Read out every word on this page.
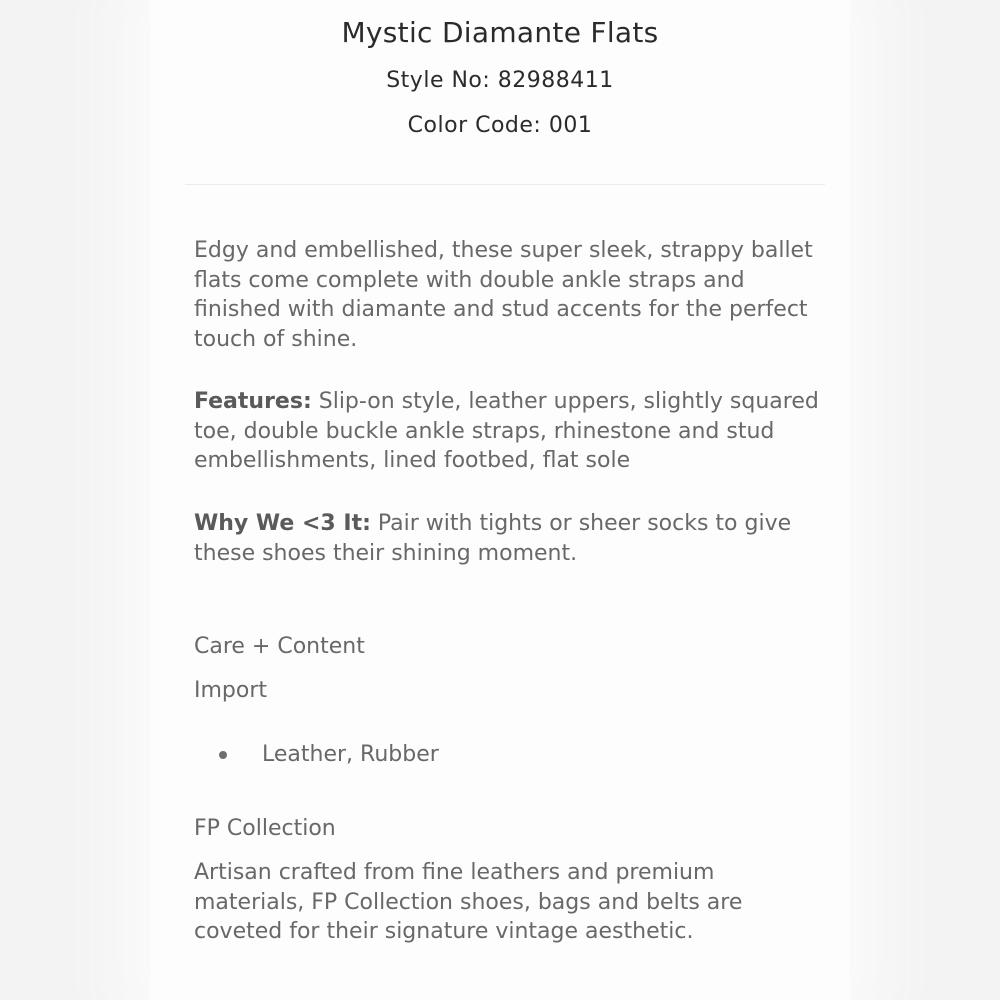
Mystic Diamante Flats
Style No: 82988411
Color Code: 001

Edgy and embellished, these super sleek, strappy ballet flats come complete with double ankle straps and finished with diamante and stud accents for the perfect touch of shine.

Features: Slip-on style, leather uppers, slightly squared toe, double buckle ankle straps, rhinestone and stud embellishments, lined footbed, flat sole

Why We <3 It: Pair with tights or sheer socks to give these shoes their shining moment.

Care + Content
Import
Leather, Rubber
FP Collection

Artisan crafted from fine leathers and premium materials, FP Collection shoes, bags and belts are coveted for their signature vintage aesthetic.
